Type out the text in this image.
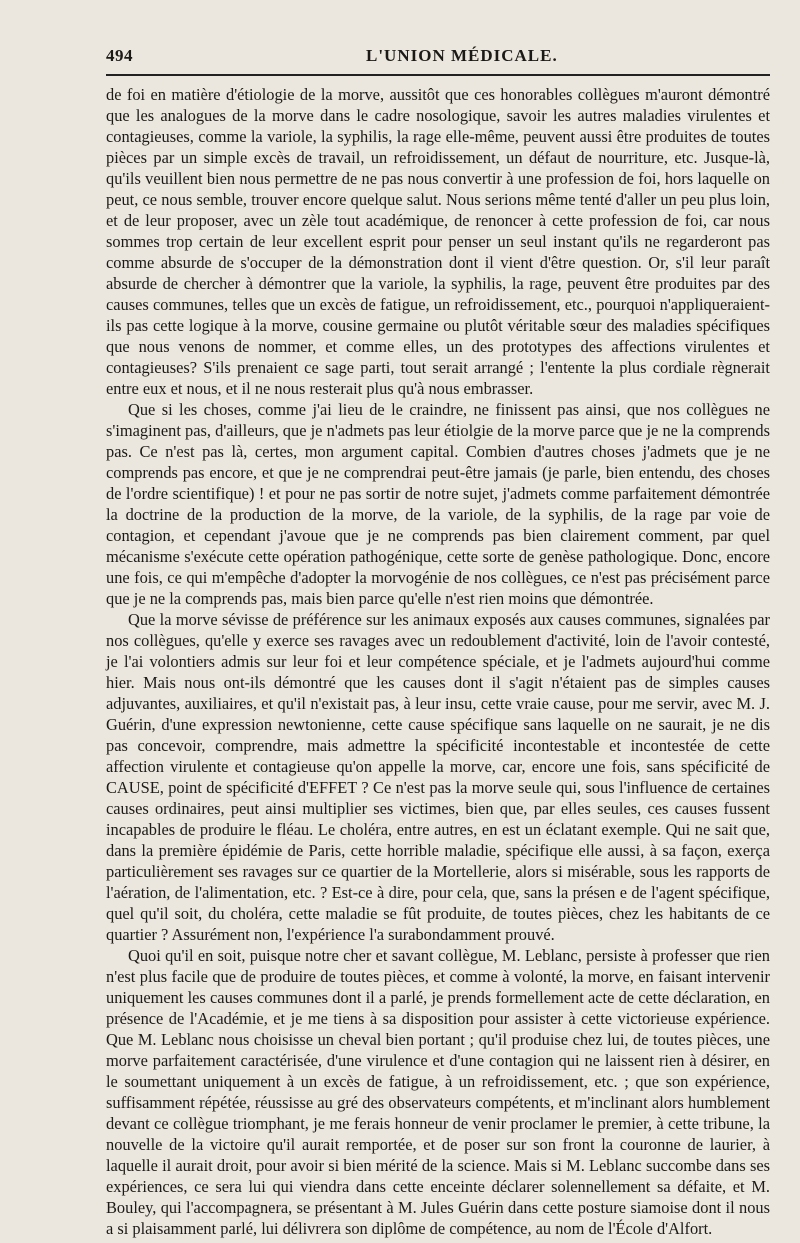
494	L'UNION MÉDICALE.

de foi en matière d'étiologie de la morve, aussitôt que ces honorables collègues m'auront démontré que les analogues de la morve dans le cadre nosologique, savoir les autres maladies virulentes et contagieuses, comme la variole, la syphilis, la rage elle-même, peuvent aussi être produites de toutes pièces par un simple excès de travail, un refroidissement, un défaut de nourriture, etc. Jusque-là, qu'ils veuillent bien nous permettre de ne pas nous convertir à une profession de foi, hors laquelle on peut, ce nous semble, trouver encore quelque salut. Nous serions même tenté d'aller un peu plus loin, et de leur proposer, avec un zèle tout académique, de renoncer à cette profession de foi, car nous sommes trop certain de leur excellent esprit pour penser un seul instant qu'ils ne regarderont pas comme absurde de s'occuper de la démonstration dont il vient d'être question. Or, s'il leur paraît absurde de chercher à démontrer que la variole, la syphilis, la rage, peuvent être produites par des causes communes, telles que un excès de fatigue, un refroidissement, etc., pourquoi n'appliqueraient-ils pas cette logique à la morve, cousine germaine ou plutôt véritable sœur des maladies spécifiques que nous venons de nommer, et comme elles, un des prototypes des affections virulentes et contagieuses? S'ils prenaient ce sage parti, tout serait arrangé ; l'entente la plus cordiale règnerait entre eux et nous, et il ne nous resterait plus qu'à nous embrasser.

Que si les choses, comme j'ai lieu de le craindre, ne finissent pas ainsi, que nos collègues ne s'imaginent pas, d'ailleurs, que je n'admets pas leur étiolgie de la morve parce que je ne la comprends pas. Ce n'est pas là, certes, mon argument capital. Combien d'autres choses j'admets que je ne comprends pas encore, et que je ne comprendrai peut-être jamais (je parle, bien entendu, des choses de l'ordre scientifique) ! et pour ne pas sortir de notre sujet, j'admets comme parfaitement démontrée la doctrine de la production de la morve, de la variole, de la syphilis, de la rage par voie de contagion, et cependant j'avoue que je ne comprends pas bien clairement comment, par quel mécanisme s'exécute cette opération pathogénique, cette sorte de genèse pathologique. Donc, encore une fois, ce qui m'empêche d'adopter la morvogénie de nos collègues, ce n'est pas précisément parce que je ne la comprends pas, mais bien parce qu'elle n'est rien moins que démontrée.

Que la morve sévisse de préférence sur les animaux exposés aux causes communes, signalées par nos collègues, qu'elle y exerce ses ravages avec un redoublement d'activité, loin de l'avoir contesté, je l'ai volontiers admis sur leur foi et leur compétence spéciale, et je l'admets aujourd'hui comme hier. Mais nous ont-ils démontré que les causes dont il s'agit n'étaient pas de simples causes adjuvantes, auxiliaires, et qu'il n'existait pas, à leur insu, cette vraie cause, pour me servir, avec M. J. Guérin, d'une expression newtonienne, cette cause spécifique sans laquelle on ne saurait, je ne dis pas concevoir, comprendre, mais admettre la spécificité incontestable et incontestée de cette affection virulente et contagieuse qu'on appelle la morve, car, encore une fois, sans spécificité de CAUSE, point de spécificité d'EFFET ? Ce n'est pas la morve seule qui, sous l'influence de certaines causes ordinaires, peut ainsi multiplier ses victimes, bien que, par elles seules, ces causes fussent incapables de produire le fléau. Le choléra, entre autres, en est un éclatant exemple. Qui ne sait que, dans la première épidémie de Paris, cette horrible maladie, spécifique elle aussi, à sa façon, exerça particulièrement ses ravages sur ce quartier de la Mortellerie, alors si misérable, sous les rapports de l'aération, de l'alimentation, etc. ? Est-ce à dire, pour cela, que, sans la présen e de l'agent spécifique, quel qu'il soit, du choléra, cette maladie se fût produite, de toutes pièces, chez les habitants de ce quartier ? Assurément non, l'expérience l'a surabondamment prouvé.

Quoi qu'il en soit, puisque notre cher et savant collègue, M. Leblanc, persiste à professer que rien n'est plus facile que de produire de toutes pièces, et comme à volonté, la morve, en faisant intervenir uniquement les causes communes dont il a parlé, je prends formellement acte de cette déclaration, en présence de l'Académie, et je me tiens à sa disposition pour assister à cette victorieuse expérience. Que M. Leblanc nous choisisse un cheval bien portant ; qu'il produise chez lui, de toutes pièces, une morve parfaitement caractérisée, d'une virulence et d'une contagion qui ne laissent rien à désirer, en le soumettant uniquement à un excès de fatigue, à un refroidissement, etc. ; que son expérience, suffisamment répétée, réussisse au gré des observateurs compétents, et m'inclinant alors humblement devant ce collègue triomphant, je me ferais honneur de venir proclamer le premier, à cette tribune, la nouvelle de la victoire qu'il aurait remportée, et de poser sur son front la couronne de laurier, à laquelle il aurait droit, pour avoir si bien mérité de la science. Mais si M. Leblanc succombe dans ses expériences, ce sera lui qui viendra dans cette enceinte déclarer solennellement sa défaite, et M. Bouley, qui l'accompagnera, se présentant à M. Jules Guérin dans cette posture siamoise dont il nous a si plaisamment parlé, lui délivrera son diplôme de compétence, au nom de l'École d'Alfort.
